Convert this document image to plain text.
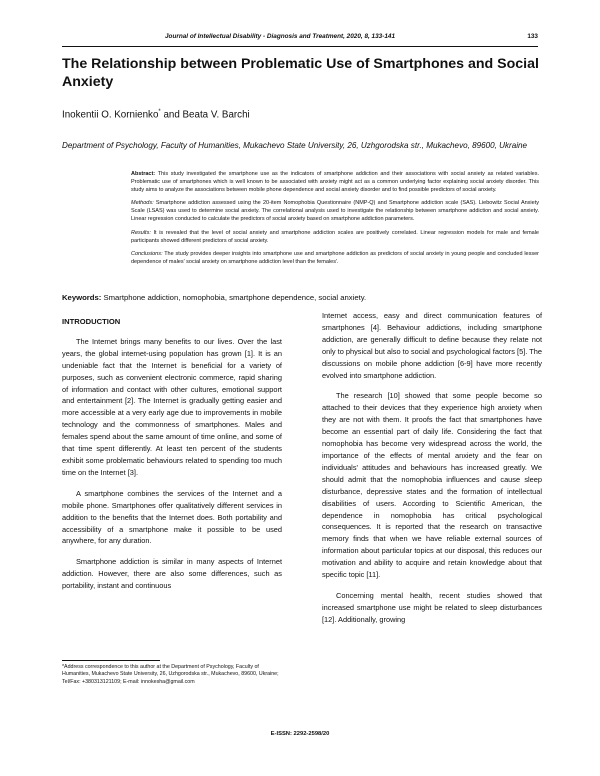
Journal of Intellectual Disability - Diagnosis and Treatment, 2020, 8, 133-141	133
The Relationship between Problematic Use of Smartphones and Social Anxiety
Inokentii O. Kornienko* and Beata V. Barchi
Department of Psychology, Faculty of Humanities, Mukachevo State University, 26, Uzhgorodska str., Mukachevo, 89600, Ukraine

Abstract: This study investigated the smartphone use as the indicators of smartphone addiction and their associations with social anxiety as related variables. Problematic use of smartphones which is well known to be associated with anxiety might act as a common underlying factor explaining social anxiety disorder. This study aims to analyze the associations between mobile phone dependence and social anxiety disorder and to find possible predictors of social anxiety.

Methods: Smartphone addiction assessed using the 20-item Nomophobia Questionnaire (NMP-Q) and Smartphone addiction scale (SAS). Liebowitz Social Anxiety Scale (LSAS) was used to determine social anxiety. The correlational analysis used to investigate the relationship between smartphone addiction and social anxiety. Linear regression conducted to calculate the predictors of social anxiety based on smartphone addiction parameters.

Results: It is revealed that the level of social anxiety and smartphone addiction scales are positively correlated. Linear regression models for male and female participants showed different predictors of social anxiety.

Conclusions: The study provides deeper insights into smartphone use and smartphone addiction as predictors of social anxiety in young people and concluded lesser dependence of males' social anxiety on smartphone addiction level than the females'.

Keywords: Smartphone addiction, nomophobia, smartphone dependence, social anxiety.
INTRODUCTION

The Internet brings many benefits to our lives. Over the last years, the global internet-using population has grown [1]. It is an undeniable fact that the Internet is beneficial for a variety of purposes, such as convenient electronic commerce, rapid sharing of information and contact with other cultures, emotional support and entertainment [2]. The Internet is gradually getting easier and more accessible at a very early age due to improvements in mobile technology and the commonness of smartphones. Males and females spend about the same amount of time online, and some of that time spent differently. At least ten percent of the students exhibit some problematic behaviours related to spending too much time on the Internet [3].

A smartphone combines the services of the Internet and a mobile phone. Smartphones offer qualitatively different services in addition to the benefits that the Internet does. Both portability and accessibility of a smartphone make it possible to be used anywhere, for any duration.

Smartphone addiction is similar in many aspects of Internet addiction. However, there are also some differences, such as portability, instant and continuous

Internet access, easy and direct communication features of smartphones [4]. Behaviour addictions, including smartphone addiction, are generally difficult to define because they relate not only to physical but also to social and psychological factors [5]. The discussions on mobile phone addiction [6-9] have more recently evolved into smartphone addiction.

The research [10] showed that some people become so attached to their devices that they experience high anxiety when they are not with them. It proofs the fact that smartphones have become an essential part of daily life. Considering the fact that nomophobia has become very widespread across the world, the importance of the effects of mental anxiety and the fear on individuals' attitudes and behaviours has increased greatly. We should admit that the nomophobia influences and cause sleep disturbance, depressive states and the formation of intellectual disabilities of users. According to Scientific American, the dependence in nomophobia has critical psychological consequences. It is reported that the research on transactive memory finds that when we have reliable external sources of information about particular topics at our disposal, this reduces our motivation and ability to acquire and retain knowledge about that specific topic [11].

Concerning mental health, recent studies showed that increased smartphone use might be related to sleep disturbances [12]. Additionally, growing

*Address correspondence to this author at the Department of Psychology, Faculty of Humanities, Mukachevo State University, 26, Uzhgorodska str., Mukachevo, 89600, Ukraine; Tel/Fax: +380313121109; E-mail: innokesha@gmail.com
E-ISSN: 2292-2598/20
